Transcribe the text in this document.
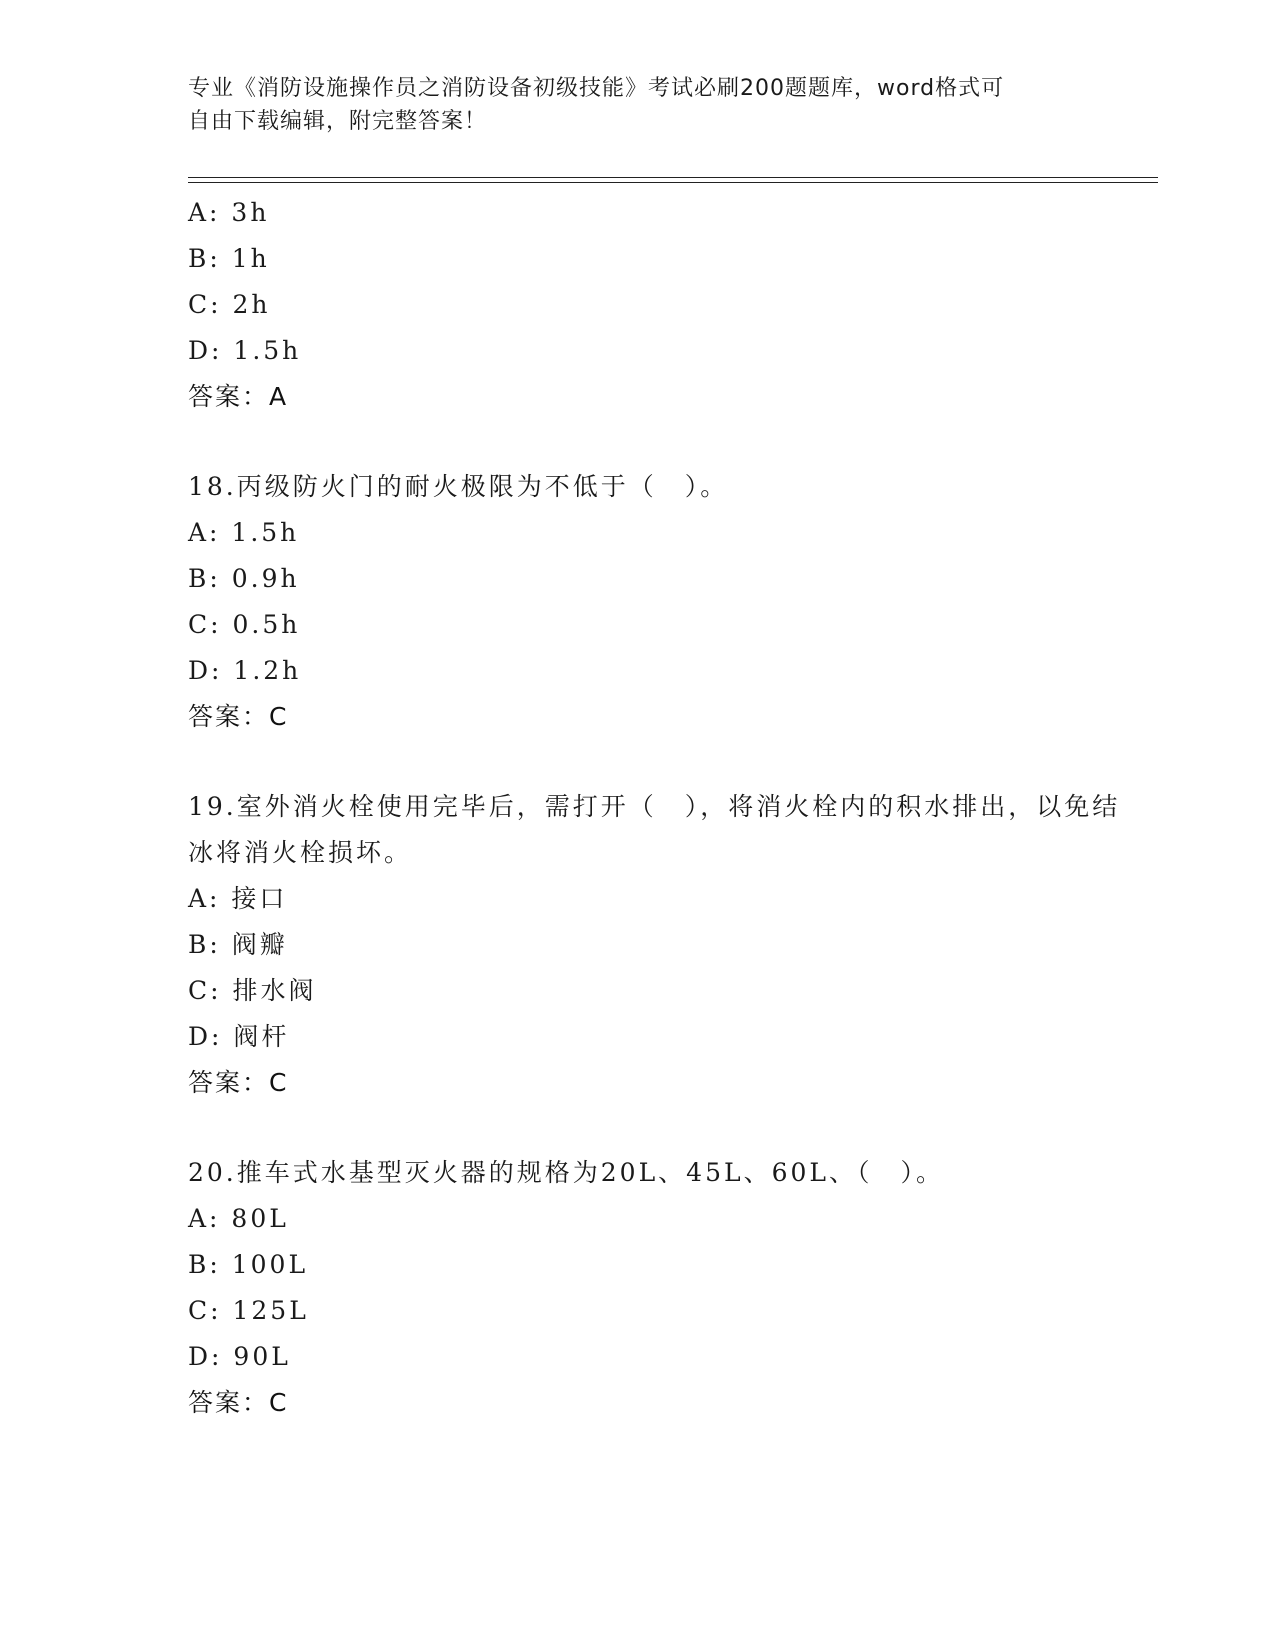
专业《消防设施操作员之消防设备初级技能》考试必刷200题题库，word格式可
自由下载编辑，附完整答案！
A: 3h
B: 1h
C: 2h
D: 1.5h
答案：A
18.丙级防火门的耐火极限为不低于（　）。
A: 1.5h
B: 0.9h
C: 0.5h
D: 1.2h
答案：C
19.室外消火栓使用完毕后，需打开（　），将消火栓内的积水排出，以免结冰将消火栓损坏。
A: 接口
B: 阀瓣
C: 排水阀
D: 阀杆
答案：C
20.推车式水基型灭火器的规格为20L、45L、60L、（　）。
A: 80L
B: 100L
C: 125L
D: 90L
答案：C
